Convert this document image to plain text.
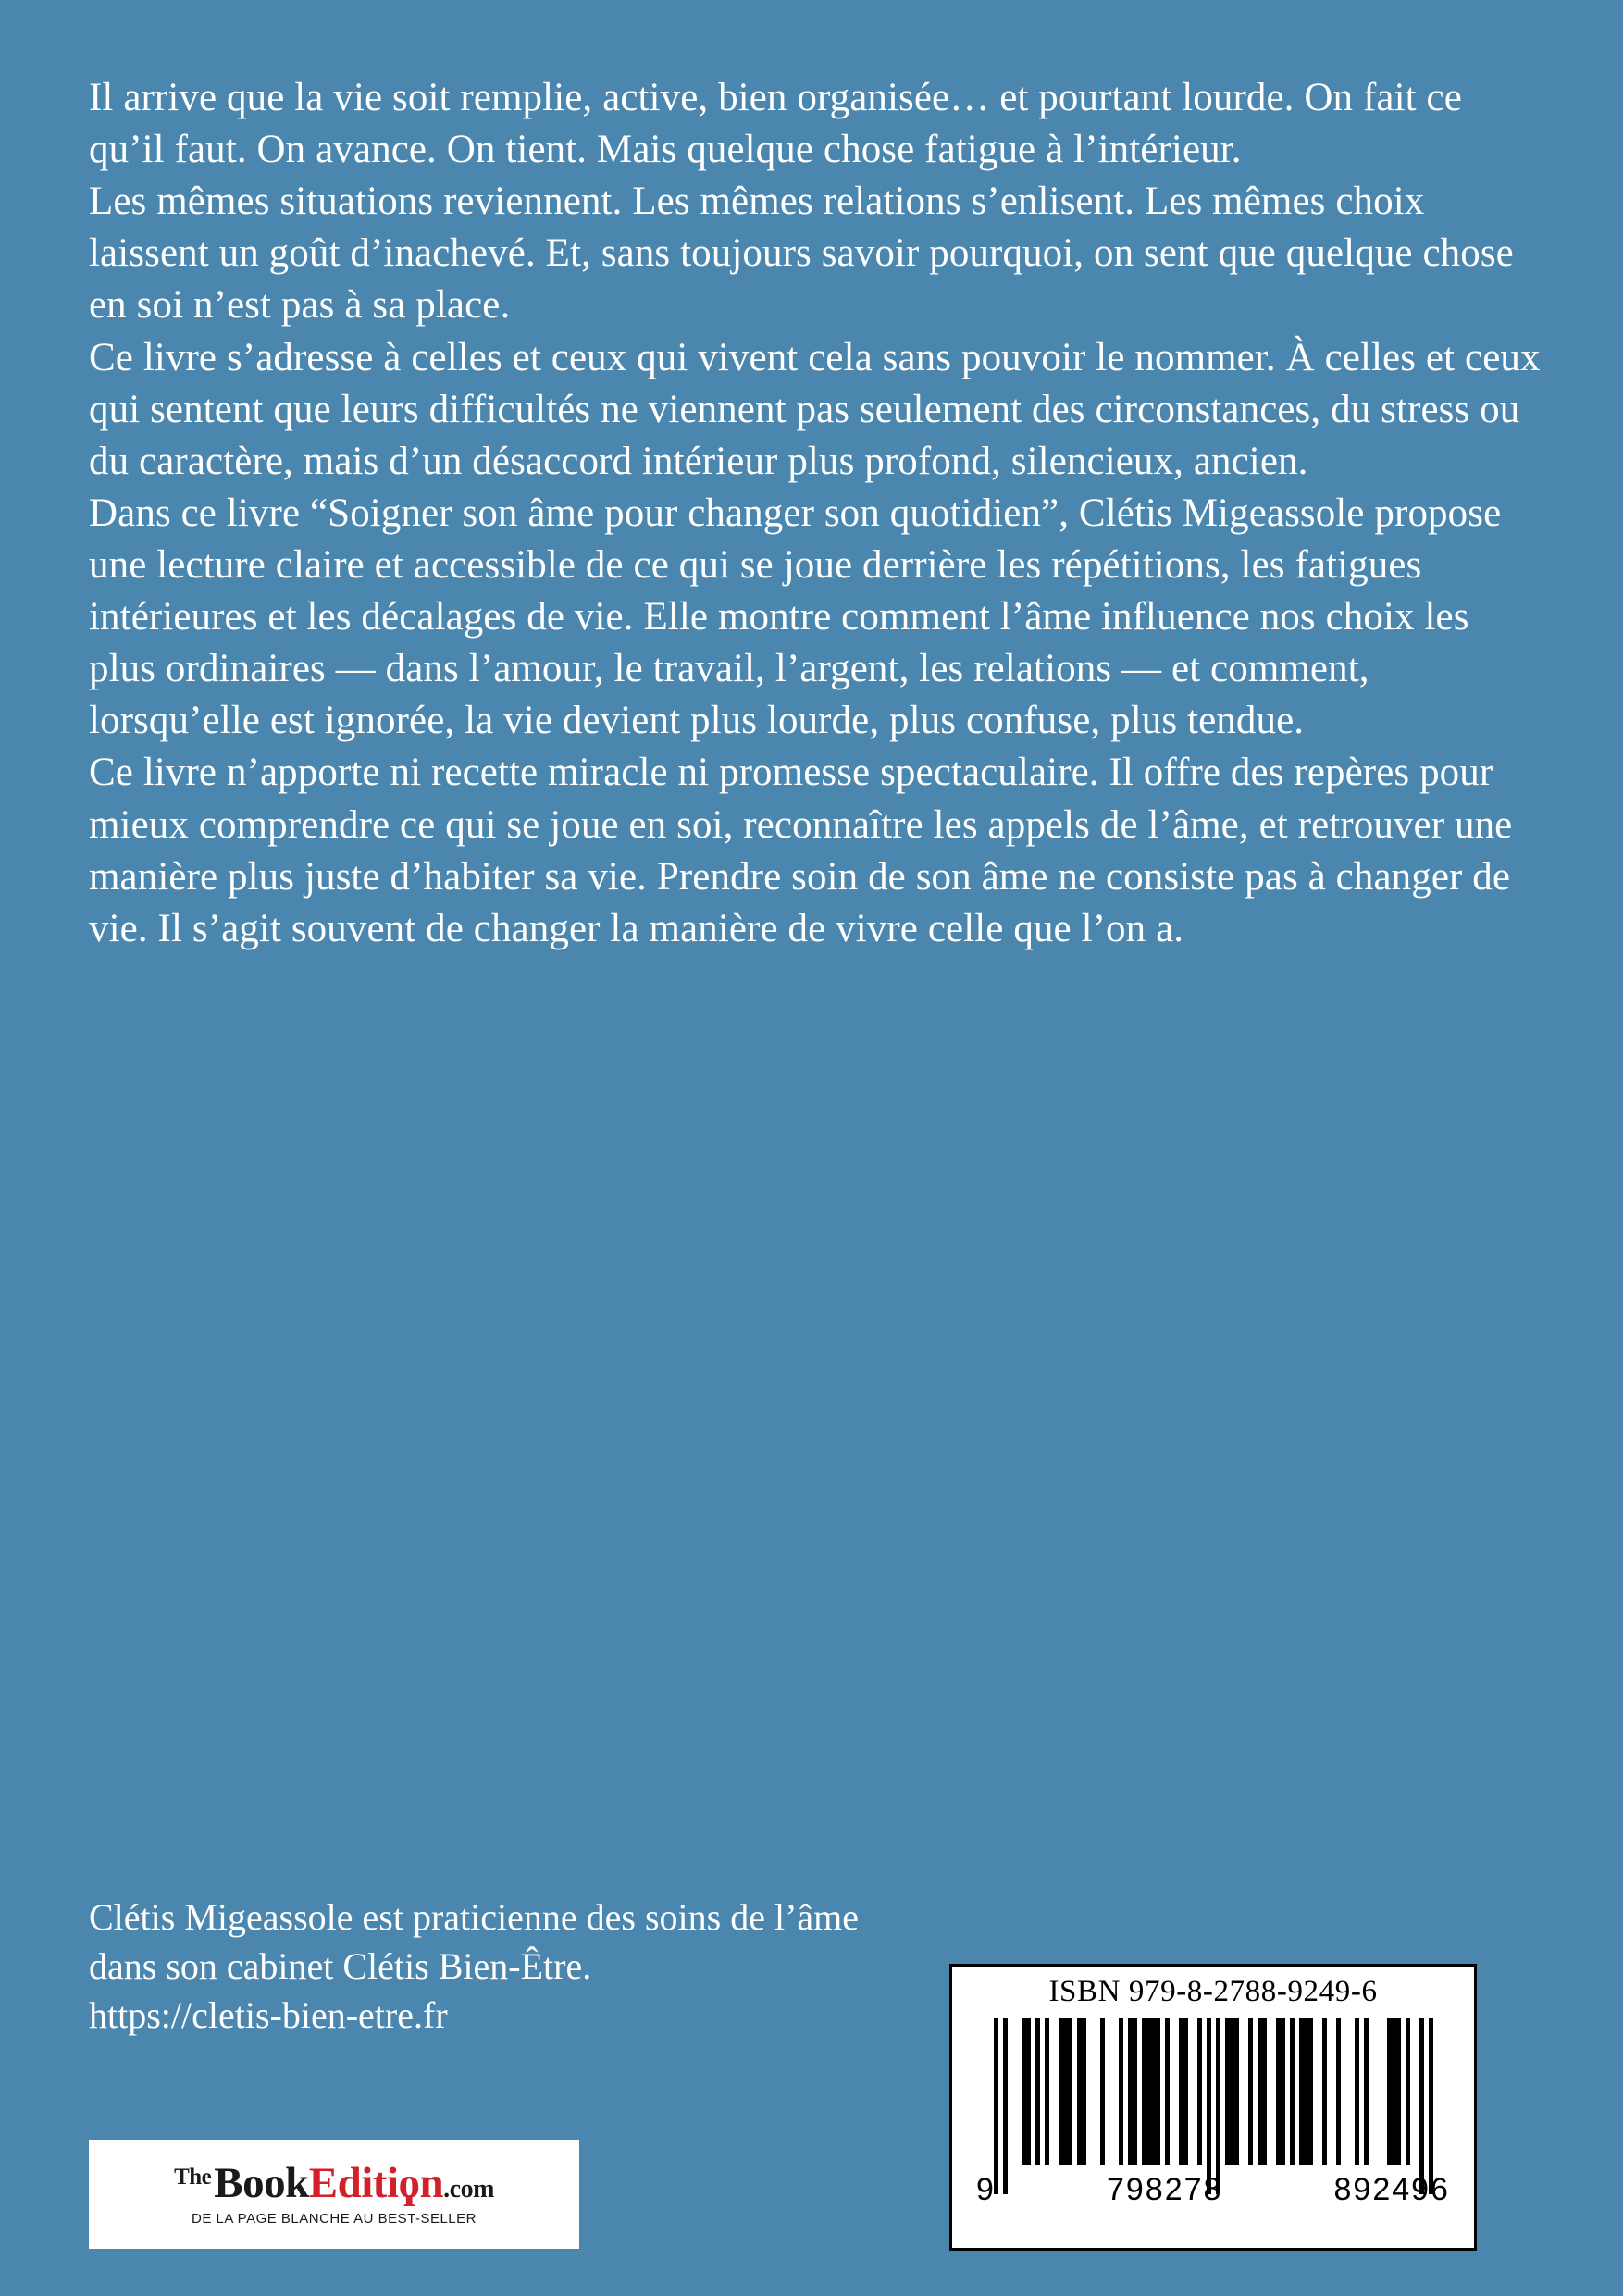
Il arrive que la vie soit remplie, active, bien organisée… et pourtant lourde. On fait ce qu’il faut. On avance. On tient. Mais quelque chose fatigue à l’intérieur.

Les mêmes situations reviennent. Les mêmes relations s’enlisent. Les mêmes choix laissent un goût d’inachevé. Et, sans toujours savoir pourquoi, on sent que quelque chose en soi n’est pas à sa place.

Ce livre s’adresse à celles et ceux qui vivent cela sans pouvoir le nommer. À celles et ceux qui sentent que leurs difficultés ne viennent pas seulement des circonstances, du stress ou du caractère, mais d’un désaccord intérieur plus profond, silencieux, ancien.

Dans ce livre “Soigner son âme pour changer son quotidien”, Clétis Migeassole propose une lecture claire et accessible de ce qui se joue derrière les répétitions, les fatigues intérieures et les décalages de vie. Elle montre comment l’âme influence nos choix les plus ordinaires — dans l’amour, le travail, l’argent, les relations — et comment, lorsqu’elle est ignorée, la vie devient plus lourde, plus confuse, plus tendue.

Ce livre n’apporte ni recette miracle ni promesse spectaculaire. Il offre des repères pour mieux comprendre ce qui se joue en soi, reconnaître les appels de l’âme, et retrouver une manière plus juste d’habiter sa vie. Prendre soin de son âme ne consiste pas à changer de vie. Il s’agit souvent de changer la manière de vivre celle que l’on a.

Clétis Migeassole est praticienne des soins de l’âme

dans son cabinet Clétis Bien-Être.

https://cletis-bien-etre.fr

$^{The}$BookEditiϙn.com
DE LA PAGE BLANCHE AU BEST-SELLER
ISBN 979-8-2788-9249-6
9	798278	892496
